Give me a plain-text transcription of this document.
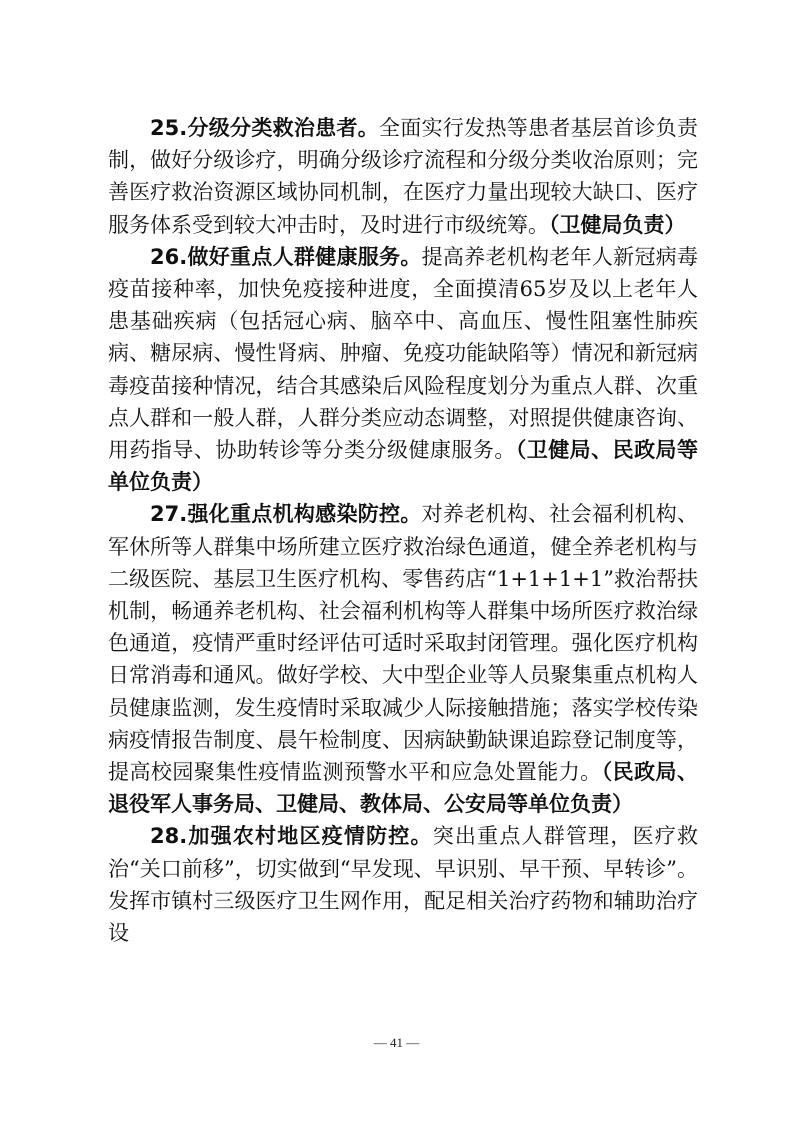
25.分级分类救治患者。全面实行发热等患者基层首诊负责制，做好分级诊疗，明确分级诊疗流程和分级分类收治原则；完善医疗救治资源区域协同机制，在医疗力量出现较大缺口、医疗服务体系受到较大冲击时，及时进行市级统筹。（卫健局负责）

26.做好重点人群健康服务。提高养老机构老年人新冠病毒疫苗接种率，加快免疫接种进度，全面摸清65岁及以上老年人患基础疾病（包括冠心病、脑卒中、高血压、慢性阻塞性肺疾病、糖尿病、慢性肾病、肿瘤、免疫功能缺陷等）情况和新冠病毒疫苗接种情况，结合其感染后风险程度划分为重点人群、次重点人群和一般人群，人群分类应动态调整，对照提供健康咨询、用药指导、协助转诊等分类分级健康服务。（卫健局、民政局等单位负责）

27.强化重点机构感染防控。对养老机构、社会福利机构、军休所等人群集中场所建立医疗救治绿色通道，健全养老机构与二级医院、基层卫生医疗机构、零售药店“1+1+1+1”救治帮扶机制，畅通养老机构、社会福利机构等人群集中场所医疗救治绿色通道，疫情严重时经评估可适时采取封闭管理。强化医疗机构日常消毒和通风。做好学校、大中型企业等人员聚集重点机构人员健康监测，发生疫情时采取减少人际接触措施；落实学校传染病疫情报告制度、晨午检制度、因病缺勤缺课追踪登记制度等，提高校园聚集性疫情监测预警水平和应急处置能力。（民政局、退役军人事务局、卫健局、教体局、公安局等单位负责）

28.加强农村地区疫情防控。突出重点人群管理，医疗救治“关口前移”，切实做到“早发现、早识别、早干预、早转诊”。发挥市镇村三级医疗卫生网作用，配足相关治疗药物和辅助治疗设

— 41 —
